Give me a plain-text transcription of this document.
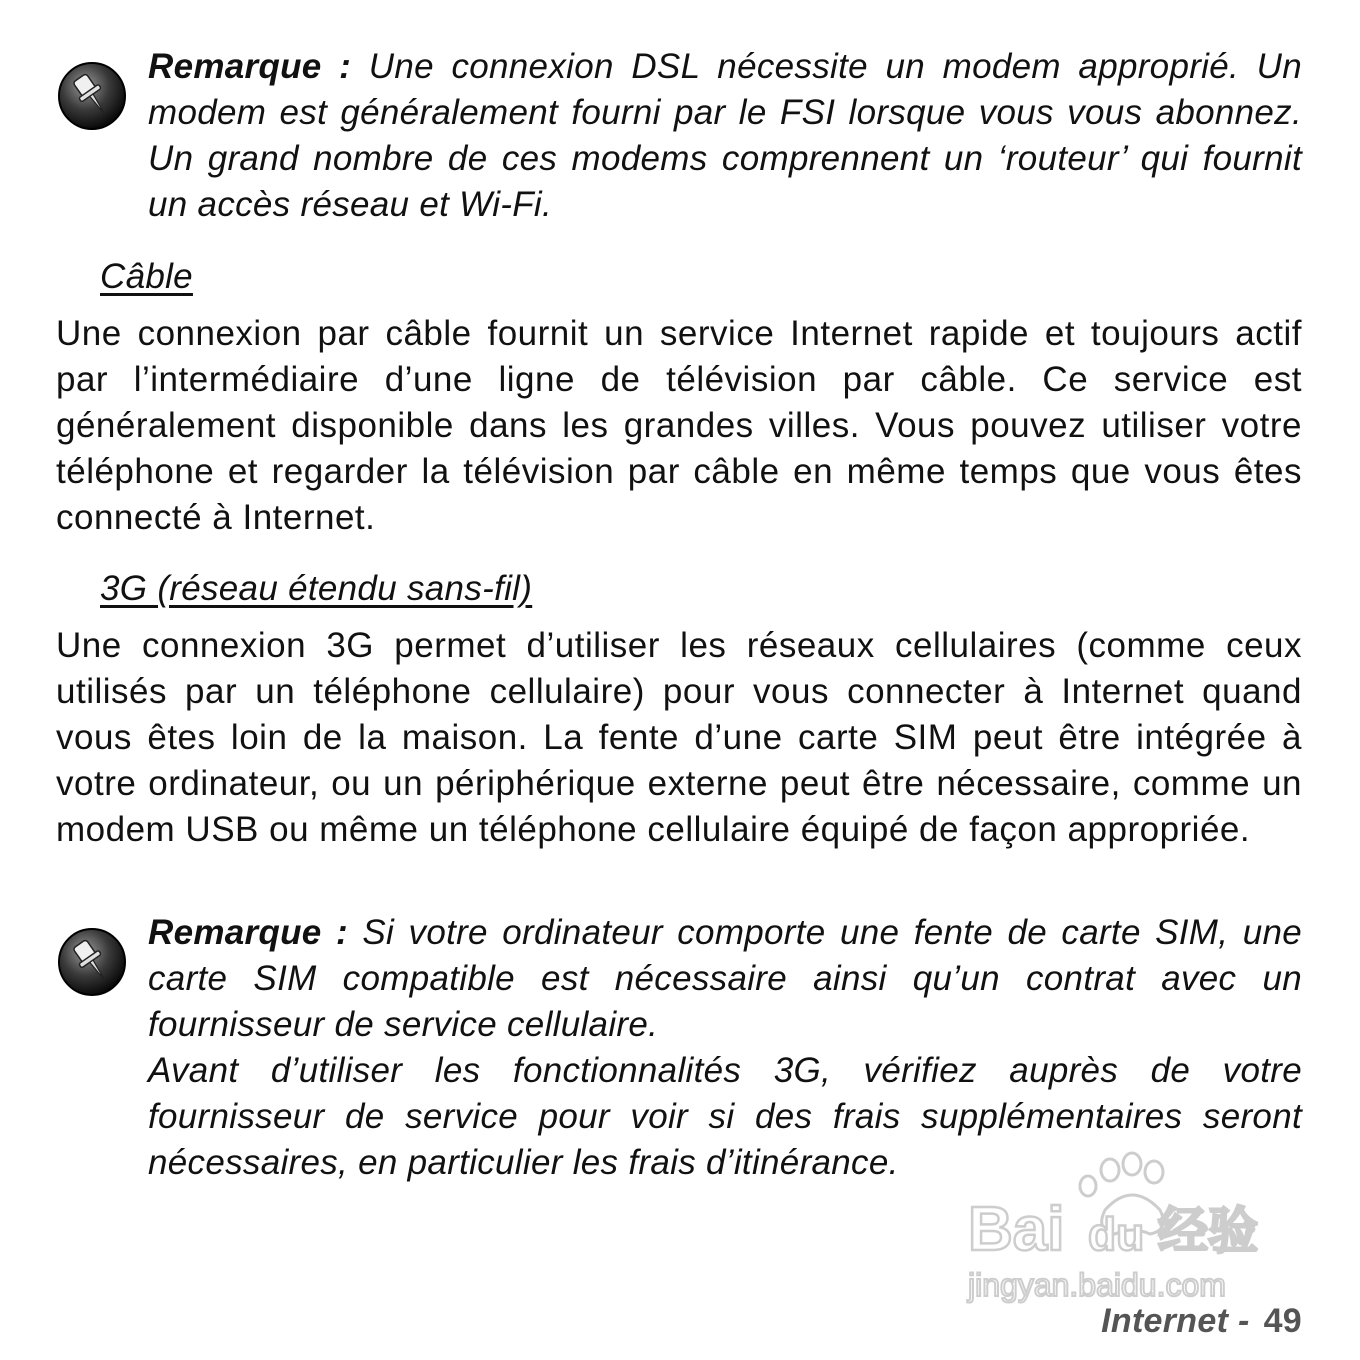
Remarque : Une connexion DSL nécessite un modem approprié. Un modem est généralement fourni par le FSI lorsque vous vous abonnez. Un grand nombre de ces modems comprennent un ‘routeur’ qui fournit un accès réseau et Wi-Fi.

Câble

Une connexion par câble fournit un service Internet rapide et toujours actif par l’intermédiaire d’une ligne de télévision par câble. Ce service est généralement disponible dans les grandes villes. Vous pouvez utiliser votre téléphone et regarder la télévision par câble en même temps que vous êtes connecté à Internet.

3G (réseau étendu sans-fil)

Une connexion 3G permet d’utiliser les réseaux cellulaires (comme ceux utilisés par un téléphone cellulaire) pour vous connecter à Internet quand vous êtes loin de la maison. La fente d’une carte SIM peut être intégrée à votre ordinateur, ou un périphérique externe peut être nécessaire, comme un modem USB ou même un téléphone cellulaire équipé de façon appropriée.

Remarque : Si votre ordinateur comporte une fente de carte SIM, une carte SIM compatible est nécessaire ainsi qu’un contrat avec un fournisseur de service cellulaire.

Avant d’utiliser les fonctionnalités 3G, vérifiez auprès de votre fournisseur de service pour voir si des frais supplémentaires seront nécessaires, en particulier les frais d’itinérance.

Bai du 经验
jingyan.baidu.com
Internet - 49
